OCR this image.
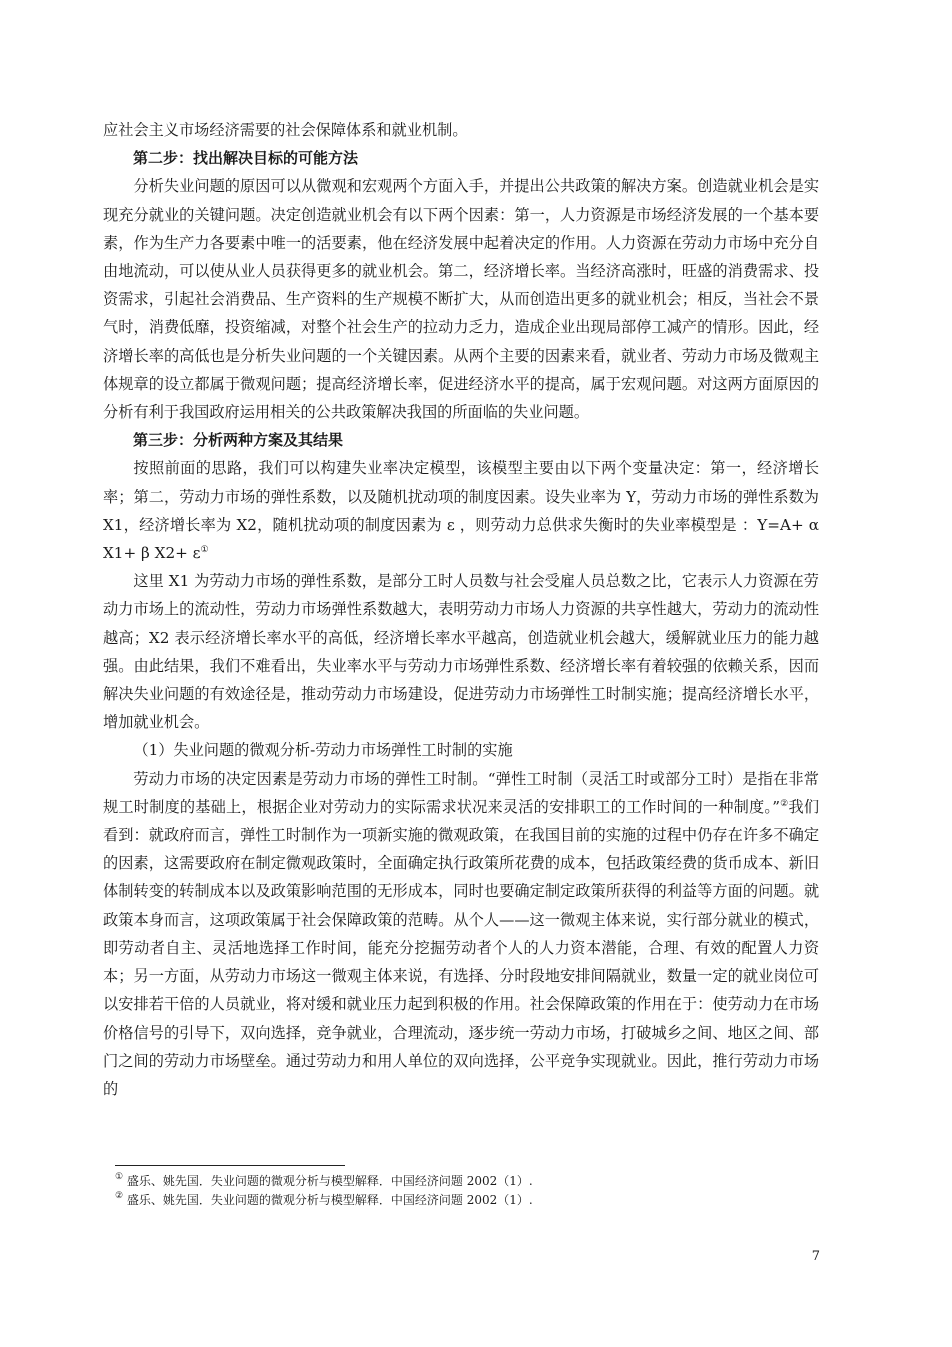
应社会主义市场经济需要的社会保障体系和就业机制。

第二步：找出解决目标的可能方法

分析失业问题的原因可以从微观和宏观两个方面入手，并提出公共政策的解决方案。创造就业机会是实现充分就业的关键问题。决定创造就业机会有以下两个因素：第一，人力资源是市场经济发展的一个基本要素，作为生产力各要素中唯一的活要素，他在经济发展中起着决定的作用。人力资源在劳动力市场中充分自由地流动，可以使从业人员获得更多的就业机会。第二，经济增长率。当经济高涨时，旺盛的消费需求、投资需求，引起社会消费品、生产资料的生产规模不断扩大，从而创造出更多的就业机会；相反，当社会不景气时，消费低靡，投资缩减，对整个社会生产的拉动力乏力，造成企业出现局部停工减产的情形。因此，经济增长率的高低也是分析失业问题的一个关键因素。从两个主要的因素来看，就业者、劳动力市场及微观主体规章的设立都属于微观问题；提高经济增长率，促进经济水平的提高，属于宏观问题。对这两方面原因的分析有利于我国政府运用相关的公共政策解决我国的所面临的失业问题。

第三步：分析两种方案及其结果

按照前面的思路，我们可以构建失业率决定模型，该模型主要由以下两个变量决定：第一，经济增长率；第二，劳动力市场的弹性系数，以及随机扰动项的制度因素。设失业率为 Y，劳动力市场的弹性系数为 X1，经济增长率为 X2，随机扰动项的制度因素为 ε ，则劳动力总供求失衡时的失业率模型是 ：Y=A+ α X1+ β X2+ ε①

这里 X1 为劳动力市场的弹性系数，是部分工时人员数与社会受雇人员总数之比，它表示人力资源在劳动力市场上的流动性，劳动力市场弹性系数越大，表明劳动力市场人力资源的共享性越大，劳动力的流动性越高；X2 表示经济增长率水平的高低，经济增长率水平越高，创造就业机会越大，缓解就业压力的能力越强。由此结果，我们不难看出，失业率水平与劳动力市场弹性系数、经济增长率有着较强的依赖关系，因而解决失业问题的有效途径是，推动劳动力市场建设，促进劳动力市场弹性工时制实施；提高经济增长水平，增加就业机会。

（1）失业问题的微观分析-劳动力市场弹性工时制的实施

劳动力市场的决定因素是劳动力市场的弹性工时制。“弹性工时制（灵活工时或部分工时）是指在非常规工时制度的基础上，根据企业对劳动力的实际需求状况来灵活的安排职工的工作时间的一种制度。”②我们看到：就政府而言，弹性工时制作为一项新实施的微观政策，在我国目前的实施的过程中仍存在许多不确定的因素，这需要政府在制定微观政策时，全面确定执行政策所花费的成本，包括政策经费的货币成本、新旧体制转变的转制成本以及政策影响范围的无形成本，同时也要确定制定政策所获得的利益等方面的问题。就政策本身而言，这项政策属于社会保障政策的范畴。从个人——这一微观主体来说，实行部分就业的模式，即劳动者自主、灵活地选择工作时间，能充分挖掘劳动者个人的人力资本潜能，合理、有效的配置人力资本；另一方面，从劳动力市场这一微观主体来说，有选择、分时段地安排间隔就业，数量一定的就业岗位可以安排若干倍的人员就业，将对缓和就业压力起到积极的作用。社会保障政策的作用在于：使劳动力在市场价格信号的引导下，双向选择，竞争就业，合理流动，逐步统一劳动力市场，打破城乡之间、地区之间、部门之间的劳动力市场壁垒。通过劳动力和用人单位的双向选择，公平竞争实现就业。因此，推行劳动力市场的

① 盛乐、姚先国．失业问题的微观分析与模型解释．中国经济问题 2002（1）.

② 盛乐、姚先国．失业问题的微观分析与模型解释．中国经济问题 2002（1）.

7
